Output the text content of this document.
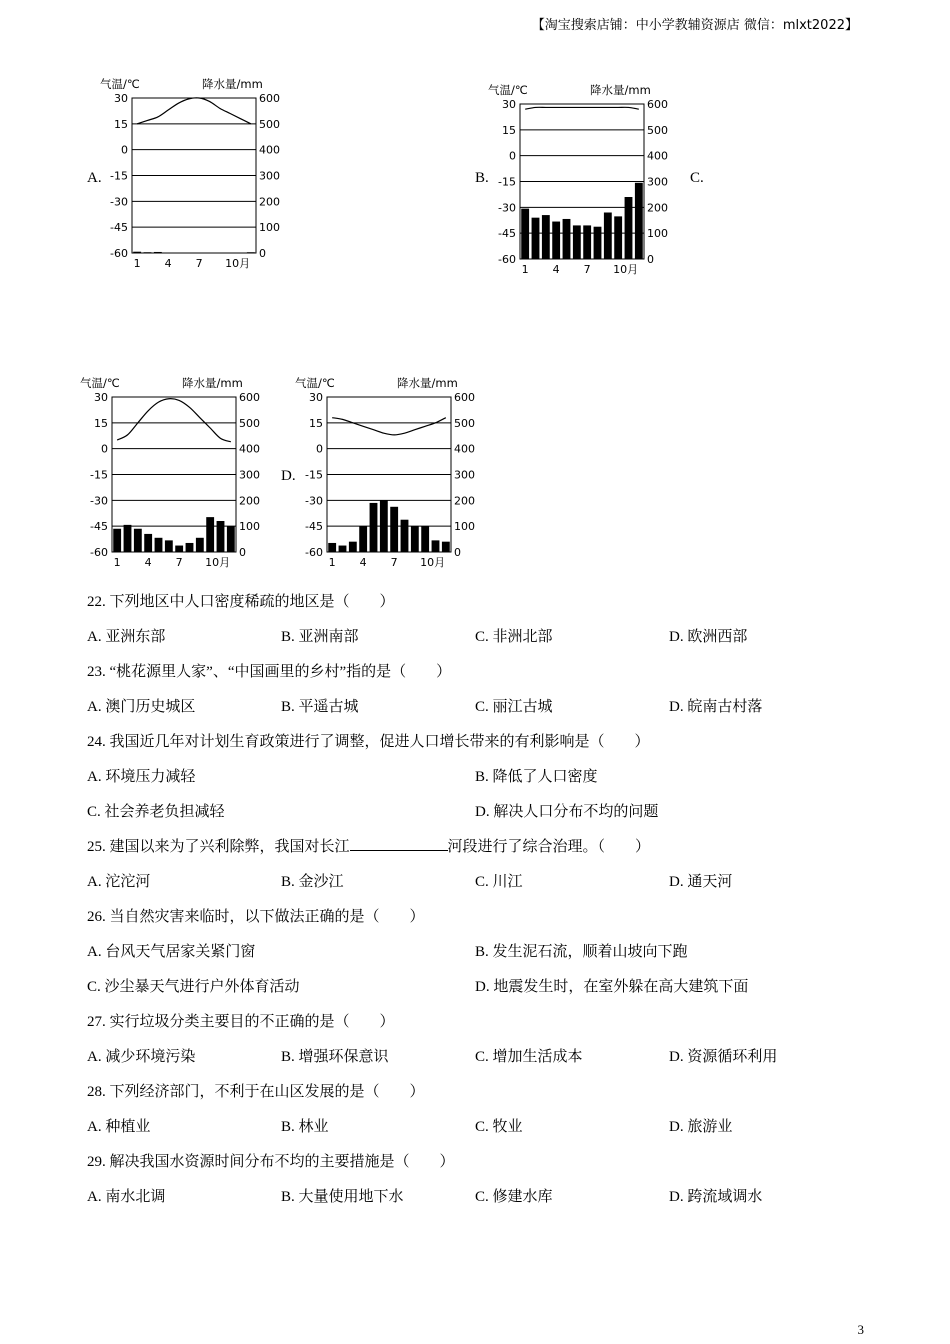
【淘宝搜索店铺：中小学教辅资源店 微信：mlxt2022】
A.	B.	C.
D.
气温/℃	降水量/mm
30
15
0
-15
-30
-45
-60
600
500
400
300
200
100
0
1 4 7 10月
气温/℃	降水量/mm
30
15
0
-15
-30
-45
-60
600
500
400
300
200
100
0
1 4 7 10月
气温/℃	降水量/mm
30
15
0
-15
-30
-45
-60
600
500
400
300
200
100
0
1 4 7 10月
气温/℃	降水量/mm
30
15
0
-15
-30
-45
-60
600
500
400
300
200
100
0
1 4 7 10月
22. 下列地区中人口密度稀疏的地区是（　　）
A. 亚洲东部	B. 亚洲南部	C. 非洲北部	D. 欧洲西部
23. “桃花源里人家”、“中国画里的乡村”指的是（　　）
A. 澳门历史城区	B. 平遥古城	C. 丽江古城	D. 皖南古村落
24. 我国近几年对计划生育政策进行了调整，促进人口增长带来的有利影响是（　　）
A. 环境压力减轻	B. 降低了人口密度
C. 社会养老负担减轻	D. 解决人口分布不均的问题
25. 建国以来为了兴利除弊，我国对长江	河段进行了综合治理。（　　）
A. 沱沱河	B. 金沙江	C. 川江	D. 通天河
26. 当自然灾害来临时，以下做法正确的是（　　）
A. 台风天气居家关紧门窗	B. 发生泥石流，顺着山坡向下跑
C. 沙尘暴天气进行户外体育活动	D. 地震发生时，在室外躲在高大建筑下面
27. 实行垃圾分类主要目的不正确的是（　　）
A. 减少环境污染	B. 增强环保意识	C. 增加生活成本	D. 资源循环利用
28. 下列经济部门，不利于在山区发展的是（　　）
A. 种植业	B. 林业	C. 牧业	D. 旅游业
29. 解决我国水资源时间分布不均的主要措施是（　　）
A. 南水北调	B. 大量使用地下水	C. 修建水库	D. 跨流域调水
3
